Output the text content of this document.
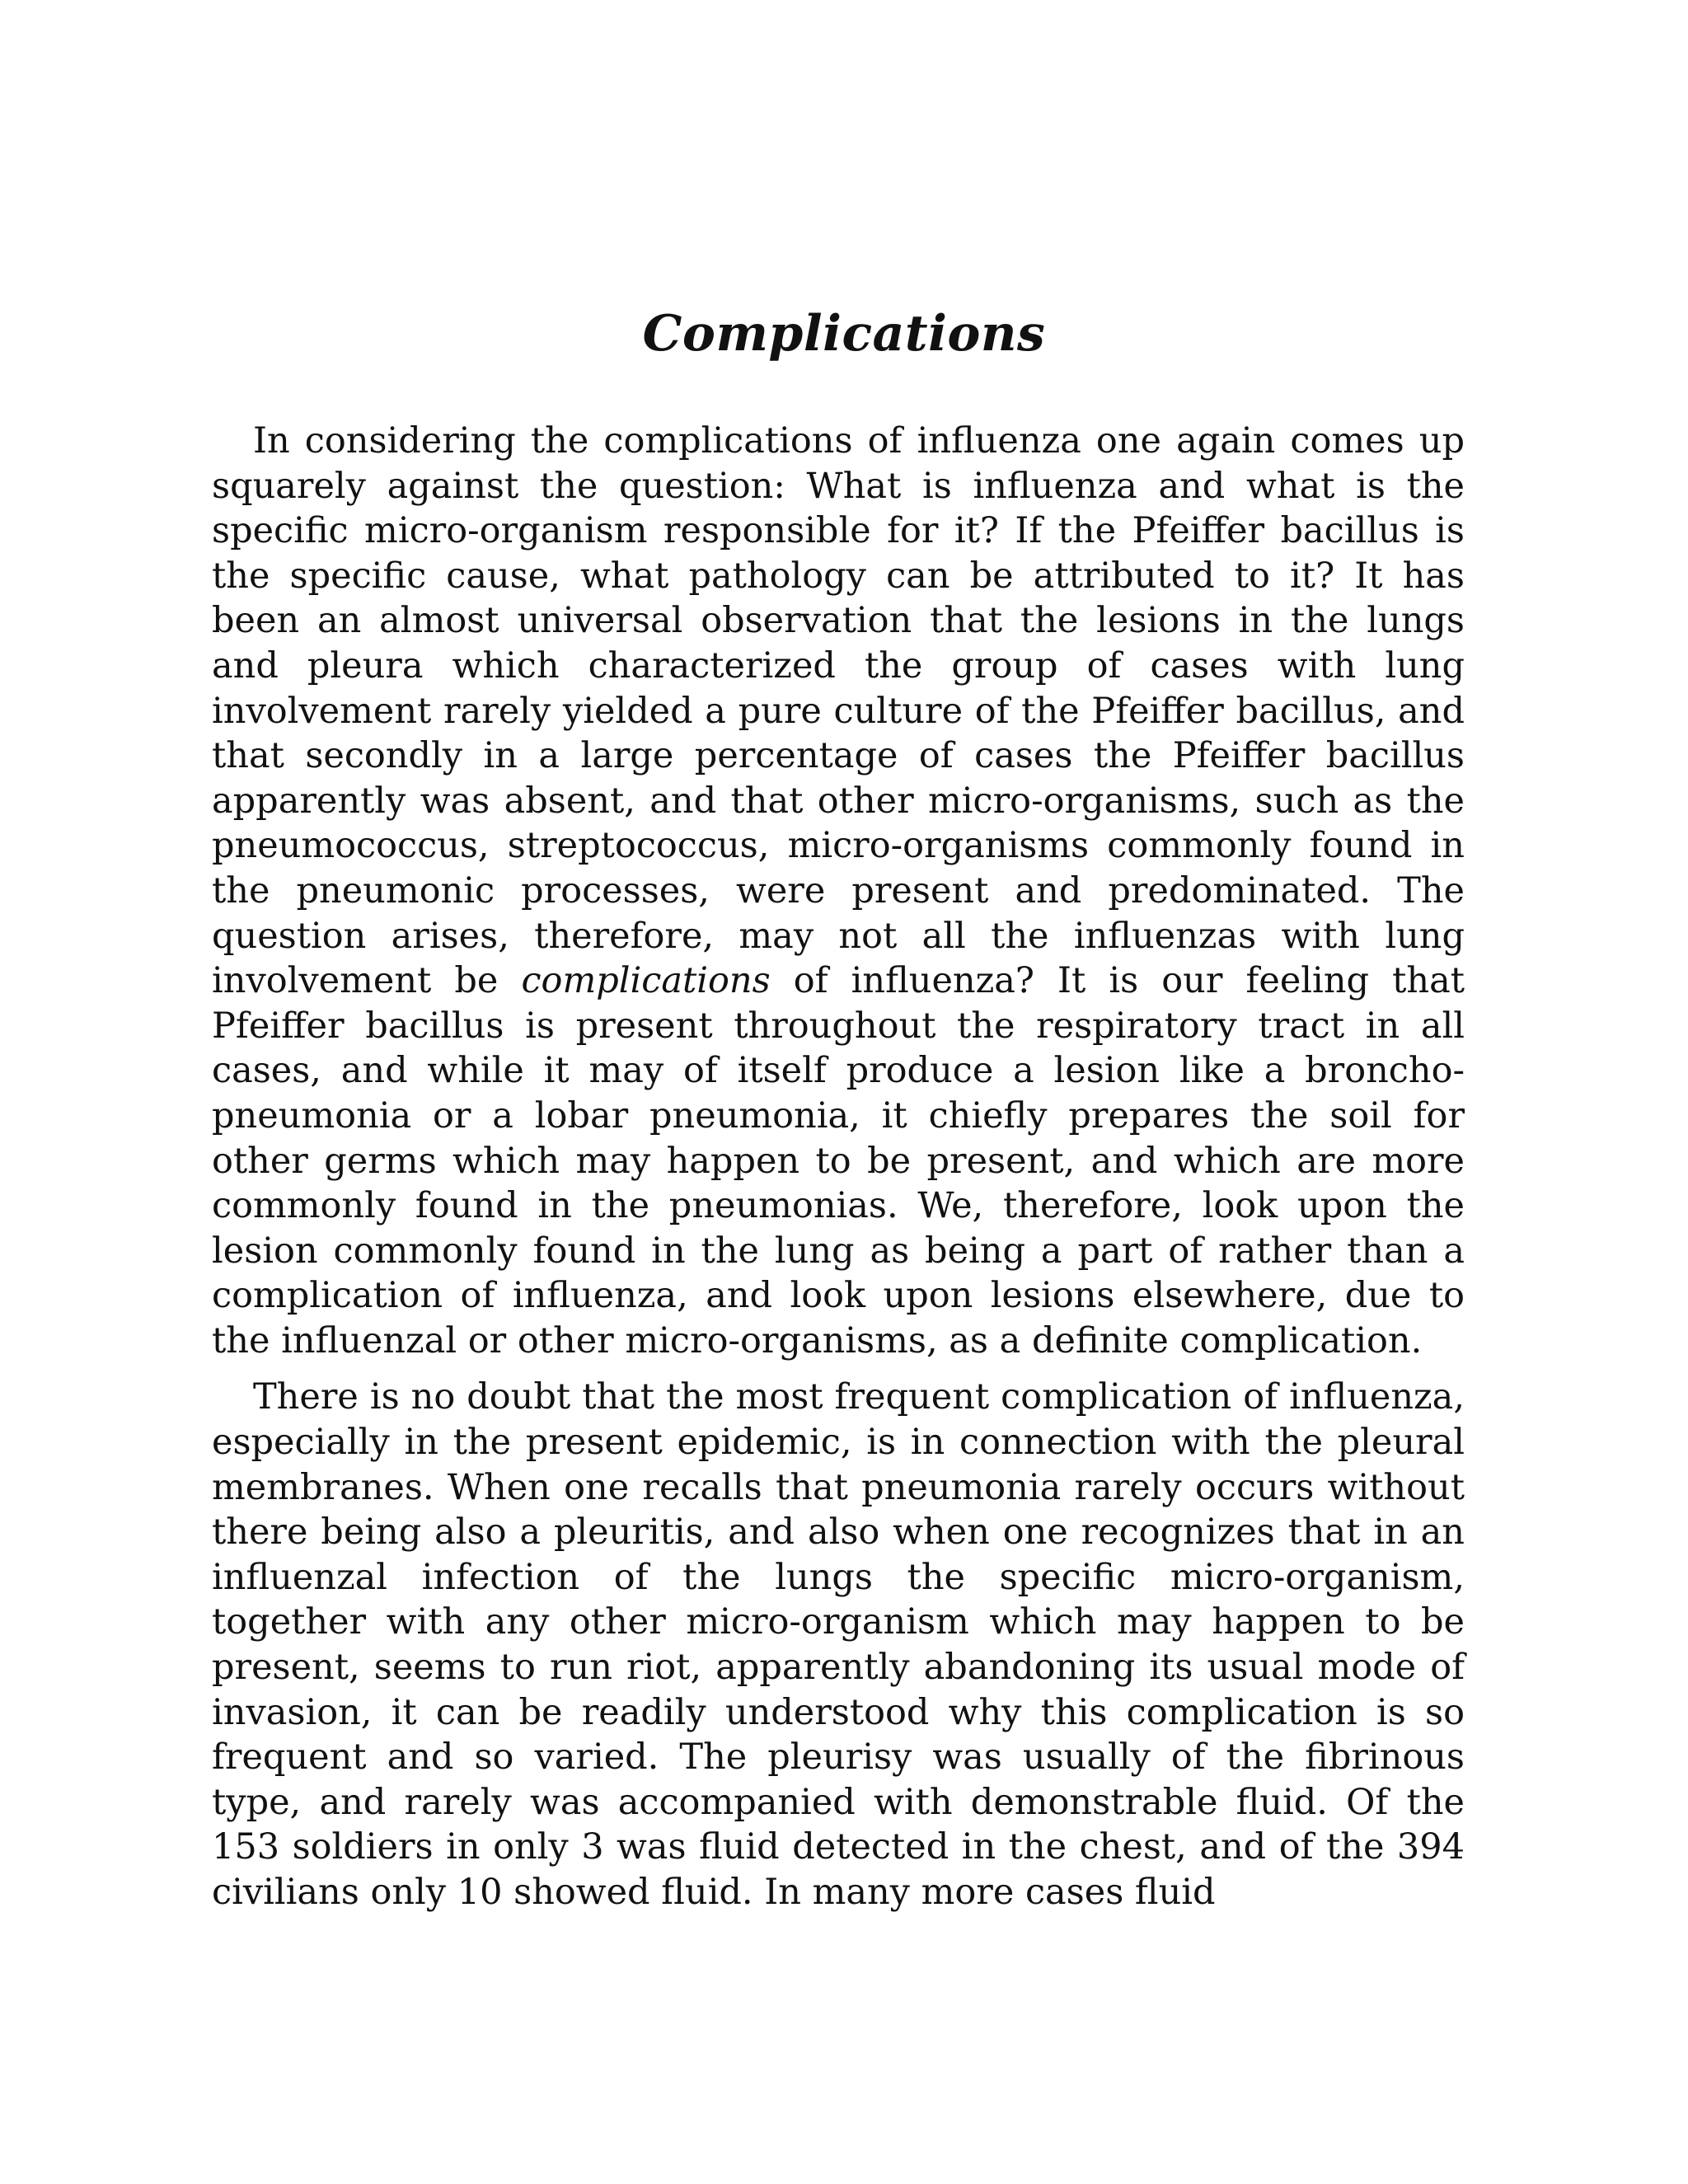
Complications

In considering the complications of influenza one again comes up squarely against the question: What is influenza and what is the specific micro-organism responsible for it? If the Pfeiffer bacillus is the specific cause, what pathology can be attributed to it? It has been an almost universal observation that the lesions in the lungs and pleura which characterized the group of cases with lung involvement rarely yielded a pure culture of the Pfeiffer bacillus, and that secondly in a large percentage of cases the Pfeiffer bacillus apparently was absent, and that other micro-organisms, such as the pneumococcus, streptococcus, micro-organisms commonly found in the pneumonic processes, were present and predominated. The question arises, therefore, may not all the influenzas with lung involvement be complications of influenza? It is our feeling that Pfeiffer bacillus is present throughout the respiratory tract in all cases, and while it may of itself produce a lesion like a broncho-pneumonia or a lobar pneumonia, it chiefly prepares the soil for other germs which may happen to be present, and which are more commonly found in the pneumonias. We, therefore, look upon the lesion commonly found in the lung as being a part of rather than a complication of influenza, and look upon lesions elsewhere, due to the influenzal or other micro-organisms, as a definite complication.

There is no doubt that the most frequent complication of influenza, especially in the present epidemic, is in connection with the pleural membranes. When one recalls that pneumonia rarely occurs without there being also a pleuritis, and also when one recognizes that in an influenzal infection of the lungs the specific micro-organism, together with any other micro-organism which may happen to be present, seems to run riot, apparently abandoning its usual mode of invasion, it can be readily understood why this complication is so frequent and so varied. The pleurisy was usually of the fibrinous type, and rarely was accompanied with demonstrable fluid. Of the 153 soldiers in only 3 was fluid detected in the chest, and of the 394 civilians only 10 showed fluid. In many more cases fluid
